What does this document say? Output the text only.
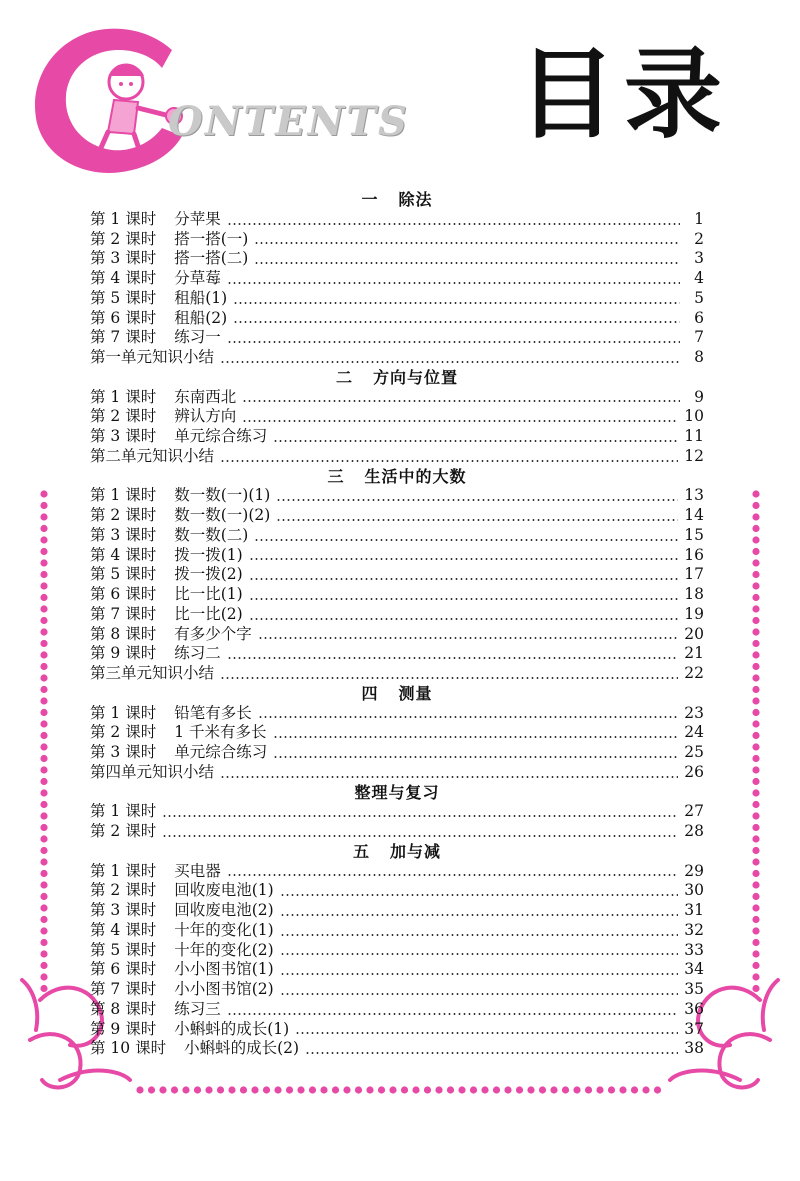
ONTENTS 目录
一 除法
第 1 课时 分苹果	1
第 2 课时 搭一搭(一)	2
第 3 课时 搭一搭(二)	3
第 4 课时 分草莓	4
第 5 课时 租船(1)	5
第 6 课时 租船(2)	6
第 7 课时 练习一	7
第一单元知识小结	8
二 方向与位置
第 1 课时 东南西北	9
第 2 课时 辨认方向	10
第 3 课时 单元综合练习	11
第二单元知识小结	12
三 生活中的大数
第 1 课时 数一数(一)(1)	13
第 2 课时 数一数(一)(2)	14
第 3 课时 数一数(二)	15
第 4 课时 拨一拨(1)	16
第 5 课时 拨一拨(2)	17
第 6 课时 比一比(1)	18
第 7 课时 比一比(2)	19
第 8 课时 有多少个字	20
第 9 课时 练习二	21
第三单元知识小结	22
四 测量
第 1 课时 铅笔有多长	23
第 2 课时 1 千米有多长	24
第 3 课时 单元综合练习	25
第四单元知识小结	26
整理与复习
第 1 课时	27
第 2 课时	28
五 加与减
第 1 课时 买电器	29
第 2 课时 回收废电池(1)	30
第 3 课时 回收废电池(2)	31
第 4 课时 十年的变化(1)	32
第 5 课时 十年的变化(2)	33
第 6 课时 小小图书馆(1)	34
第 7 课时 小小图书馆(2)	35
第 8 课时 练习三	36
第 9 课时 小蝌蚪的成长(1)	37
第 10 课时 小蝌蚪的成长(2)	38
